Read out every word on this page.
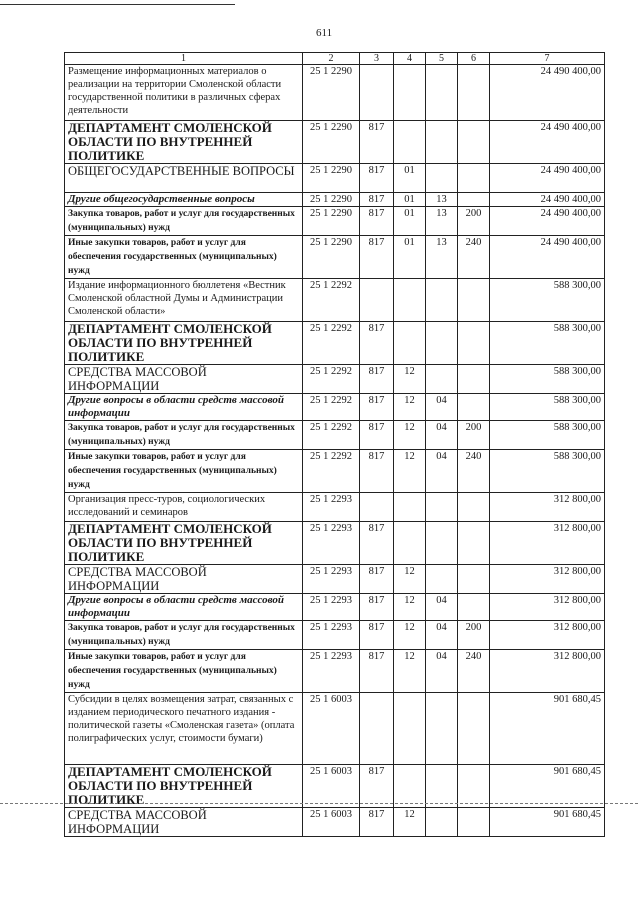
611
1	2	3	4	5	6	7
Размещение информационных материалов о реализации на территории Смоленской области государственной политики в различных сферах деятельности	25 1 2290					24 490 400,00
ДЕПАРТАМЕНТ СМОЛЕНСКОЙ ОБЛАСТИ ПО ВНУТРЕННЕЙ ПОЛИТИКЕ	25 1 2290	817				24 490 400,00
ОБЩЕГОСУДАРСТВЕННЫЕ ВОПРОСЫ	25 1 2290	817	01			24 490 400,00
Другие общегосударственные вопросы	25 1 2290	817	01	13		24 490 400,00
Закупка товаров, работ и услуг для государственных (муниципальных) нужд	25 1 2290	817	01	13	200	24 490 400,00
Иные закупки товаров, работ и услуг для обеспечения государственных (муниципальных) нужд	25 1 2290	817	01	13	240	24 490 400,00
Издание информационного бюллетеня «Вестник Смоленской областной Думы и Администрации Смоленской области»	25 1 2292					588 300,00
ДЕПАРТАМЕНТ СМОЛЕНСКОЙ ОБЛАСТИ ПО ВНУТРЕННЕЙ ПОЛИТИКЕ	25 1 2292	817				588 300,00
СРЕДСТВА МАССОВОЙ ИНФОРМАЦИИ	25 1 2292	817	12			588 300,00
Другие вопросы в области средств массовой информации	25 1 2292	817	12	04		588 300,00
Закупка товаров, работ и услуг для государственных (муниципальных) нужд	25 1 2292	817	12	04	200	588 300,00
Иные закупки товаров, работ и услуг для обеспечения государственных (муниципальных) нужд	25 1 2292	817	12	04	240	588 300,00
Организация пресс-туров, социологических исследований и семинаров	25 1 2293					312 800,00
ДЕПАРТАМЕНТ СМОЛЕНСКОЙ ОБЛАСТИ ПО ВНУТРЕННЕЙ ПОЛИТИКЕ	25 1 2293	817				312 800,00
СРЕДСТВА МАССОВОЙ ИНФОРМАЦИИ	25 1 2293	817	12			312 800,00
Другие вопросы в области средств массовой информации	25 1 2293	817	12	04		312 800,00
Закупка товаров, работ и услуг для государственных (муниципальных) нужд	25 1 2293	817	12	04	200	312 800,00
Иные закупки товаров, работ и услуг для обеспечения государственных (муниципальных) нужд	25 1 2293	817	12	04	240	312 800,00
Субсидии в целях возмещения затрат, связанных с изданием периодического печатного издания - политической газеты «Смоленская газета» (оплата полиграфических услуг, стоимости бумаги)	25 1 6003					901 680,45
ДЕПАРТАМЕНТ СМОЛЕНСКОЙ ОБЛАСТИ ПО ВНУТРЕННЕЙ ПОЛИТИКЕ	25 1 6003	817				901 680,45
СРЕДСТВА МАССОВОЙ ИНФОРМАЦИИ	25 1 6003	817	12			901 680,45
